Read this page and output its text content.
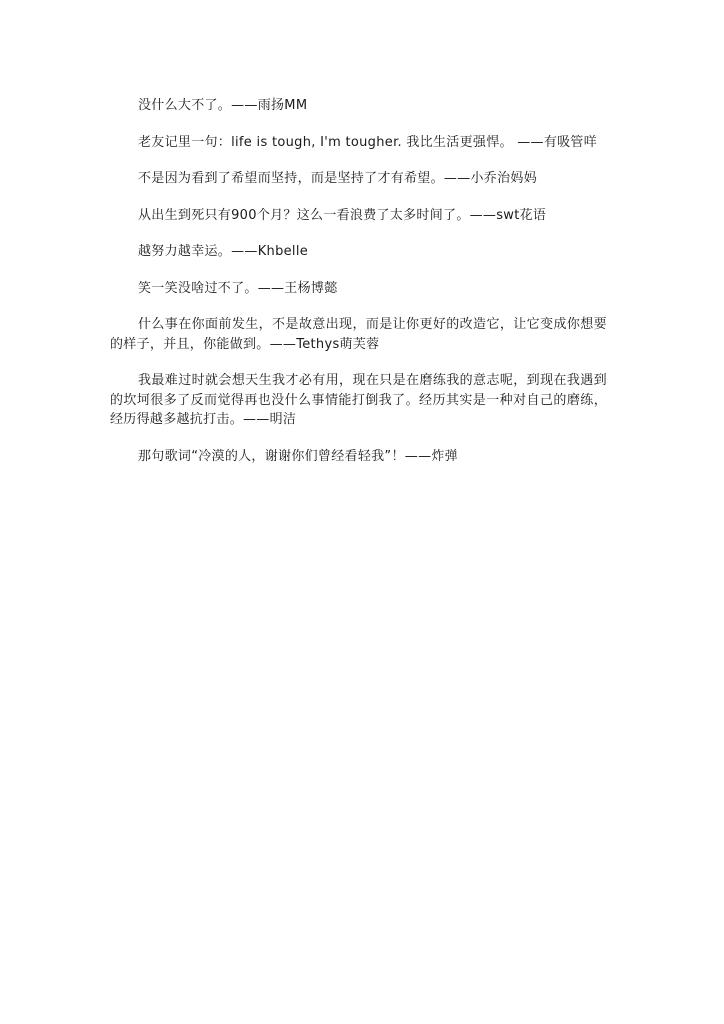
没什么大不了。——雨扬MM

老友记里一句：life is tough, I'm tougher. 我比生活更强悍。 ——有吸管咩

不是因为看到了希望而坚持，而是坚持了才有希望。——小乔治妈妈

从出生到死只有900个月？这么一看浪费了太多时间了。——swt花语

越努力越幸运。——Khbelle

笑一笑没啥过不了。——王杨博懿

什么事在你面前发生，不是故意出现，而是让你更好的改造它，让它变成你想要的样子，并且，你能做到。——Tethys萌芙蓉

我最难过时就会想天生我才必有用，现在只是在磨练我的意志呢，到现在我遇到的坎坷很多了反而觉得再也没什么事情能打倒我了。经历其实是一种对自己的磨练，经历得越多越抗打击。——明洁

那句歌词“冷漠的人，谢谢你们曾经看轻我”！——炸弹
